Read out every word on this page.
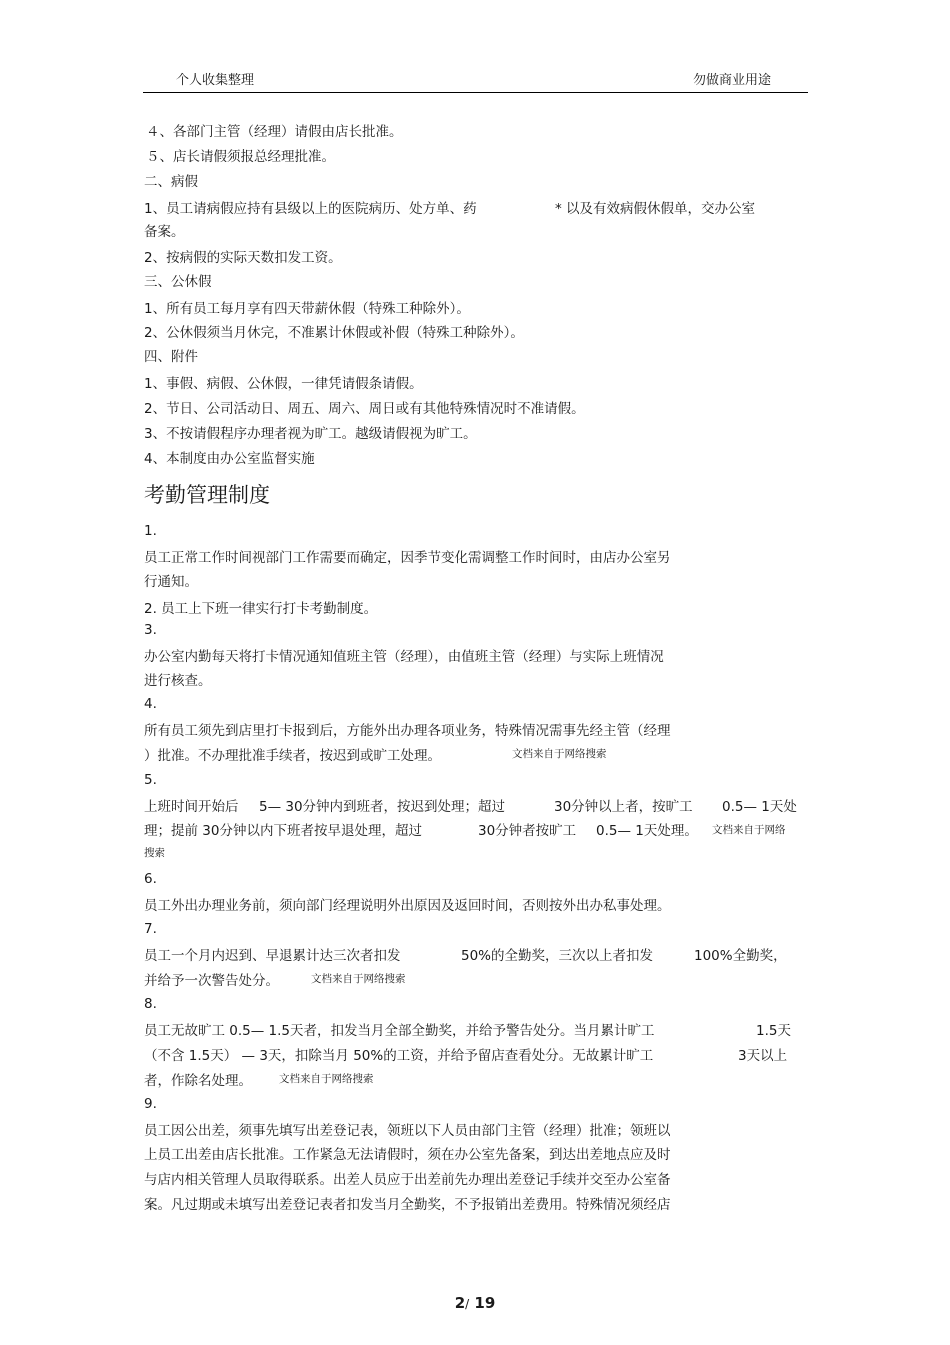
个人收集整理	勿做商业用途
４、各部门主管（经理）请假由店长批准。
５、店长请假须报总经理批准。
二、病假
1、员工请病假应持有县级以上的医院病历、处方单、药	* 以及有效病假休假单，交办公室
备案。
2、按病假的实际天数扣发工资。
三、公休假
1、所有员工每月享有四天带薪休假（特殊工种除外）。
2、公休假须当月休完，不准累计休假或补假（特殊工种除外）。
四、附件
1、事假、病假、公休假，一律凭请假条请假。
2、节日、公司活动日、周五、周六、周日或有其他特殊情况时不准请假。
3、不按请假程序办理者视为旷工。越级请假视为旷工。
4、本制度由办公室监督实施
考勤管理制度
1.
员工正常工作时间视部门工作需要而确定，因季节变化需调整工作时间时，由店办公室另
行通知。
2. 员工上下班一律实行打卡考勤制度。
3.
办公室内勤每天将打卡情况通知值班主管（经理），由值班主管（经理）与实际上班情况
进行核查。
4.
所有员工须先到店里打卡报到后，方能外出办理各项业务，特殊情况需事先经主管（经理
）批准。不办理批准手续者，按迟到或旷工处理。	文档来自于网络搜索
5.
上班时间开始后 5— 30分钟内到班者，按迟到处理；超过	30分钟以上者，按旷工 0.5— 1天处
理；提前 30分钟以内下班者按早退处理，超过	30分钟者按旷工 0.5— 1天处理。 文档来自于网络
搜索
6.
员工外出办理业务前，须向部门经理说明外出原因及返回时间，否则按外出办私事处理。
7.
员工一个月内迟到、早退累计达三次者扣发	50%的全勤奖，三次以上者扣发	100%全勤奖，
并给予一次警告处分。	文档来自于网络搜索
8.
员工无故旷工 0.5— 1.5天者，扣发当月全部全勤奖，并给予警告处分。当月累计旷工	1.5天
（不含 1.5天） — 3天，扣除当月 50%的工资，并给予留店查看处分。无故累计旷工	3天以上
者，作除名处理。	文档来自于网络搜索
9.
员工因公出差，须事先填写出差登记表，领班以下人员由部门主管（经理）批准；领班以
上员工出差由店长批准。工作紧急无法请假时，须在办公室先备案，到达出差地点应及时
与店内相关管理人员取得联系。出差人员应于出差前先办理出差登记手续并交至办公室备
案。凡过期或未填写出差登记表者扣发当月全勤奖，不予报销出差费用。特殊情况须经店
2/ 19
